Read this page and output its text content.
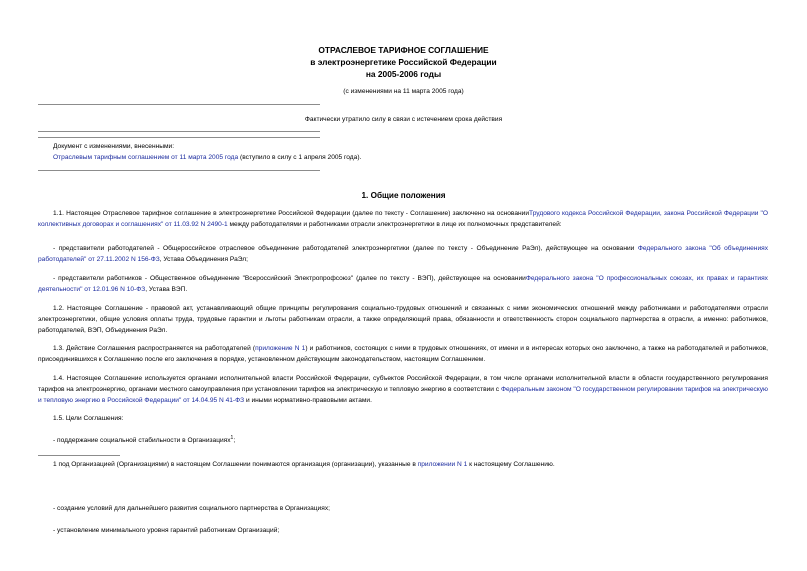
ОТРАСЛЕВОЕ ТАРИФНОЕ СОГЛАШЕНИЕ
в электроэнергетике Российской Федерации
на 2005-2006 годы
(с изменениями на 11 марта 2005 года)
Фактически утратило силу в связи с истечением срока действия
Документ с изменениями, внесенными:
Отраслевым тарифным соглашением от 11 марта 2005 года (вступило в силу с 1 апреля 2005 года).
1. Общие положения
1.1. Настоящее Отраслевое тарифное соглашение в электроэнергетике Российской Федерации (далее по тексту - Соглашение) заключено на основанииТрудового кодекса Российской Федерации, закона Российской Федерации "О коллективных договорах и соглашениях" от 11.03.92 N 2490-1 между работодателями и работниками отрасли электроэнергетики в лице их полномочных представителей:
- представители работодателей - Общероссийское отраслевое объединение работодателей электроэнергетики (далее по тексту - Объединение РаЭл), действующее на основании Федерального закона "Об объединениях работодателей" от 27.11.2002 N 156-ФЗ, Устава Объединения РаЭл;
- представители работников - Общественное объединение "Всероссийский Электропрофсоюз" (далее по тексту - ВЭП), действующее на основанииФедерального закона "О профессиональных союзах, их правах и гарантиях деятельности" от 12.01.96 N 10-ФЗ, Устава ВЭП.
1.2. Настоящее Соглашение - правовой акт, устанавливающий общие принципы регулирования социально-трудовых отношений и связанных с ними экономических отношений между работниками и работодателями отрасли электроэнергетики, общие условия оплаты труда, трудовые гарантии и льготы работникам отрасли, а также определяющий права, обязанности и ответственность сторон социального партнерства в отрасли, а именно: работников, работодателей, ВЭП, Объединения РаЭл.
1.3. Действие Соглашения распространяется на работодателей (приложение N 1) и работников, состоящих с ними в трудовых отношениях, от имени и в интересах которых оно заключено, а также на работодателей и работников, присоединившихся к Соглашению после его заключения в порядке, установленном действующим законодательством, настоящим Соглашением.
1.4. Настоящее Соглашение используется органами исполнительной власти Российской Федерации, субъектов Российской Федерации, в том числе органами исполнительной власти в области государственного регулирования тарифов на электроэнергию, органами местного самоуправления при установлении тарифов на электрическую и тепловую энергию в соответствии с Федеральным законом "О государственном регулировании тарифов на электрическую и тепловую энергию в Российской Федерации" от 14.04.95 N 41-ФЗ и иными нормативно-правовыми актами.
1.5. Цели Соглашения:
- поддержание социальной стабильности в Организациях$^1$;
1 под Организацией (Организациями) в настоящем Соглашении понимаются организация (организации), указанные в приложении N 1 к настоящему Соглашению.
- создание условий для дальнейшего развития социального партнерства в Организациях;
- установление минимального уровня гарантий работникам Организаций;
